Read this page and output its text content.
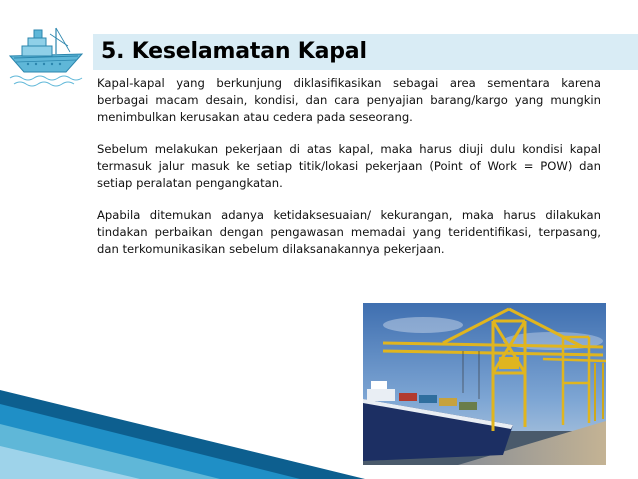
5. Keselamatan Kapal

Kapal-kapal yang berkunjung diklasifikasikan sebagai area sementara karena berbagai macam desain, kondisi, dan cara penyajian barang/kargo yang mungkin menimbulkan kerusakan atau cedera pada seseorang.

Sebelum melakukan pekerjaan di atas kapal, maka harus diuji dulu kondisi kapal termasuk jalur masuk ke setiap titik/lokasi pekerjaan (Point of Work = POW) dan setiap peralatan pengangkatan.

Apabila ditemukan adanya ketidaksesuaian/ kekurangan, maka harus dilakukan tindakan perbaikan dengan pengawasan memadai yang teridentifikasi, terpasang, dan terkomunikasikan sebelum dilaksanakannya pekerjaan.
